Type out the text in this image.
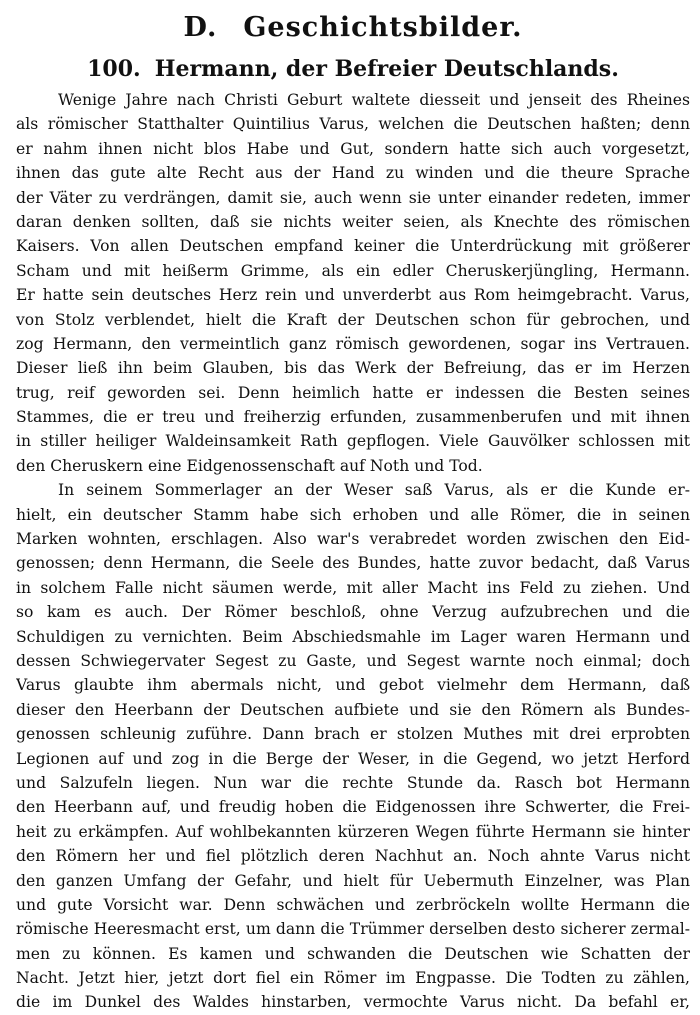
D. Geschichtsbilder.
100. Hermann, der Befreier Deutschlands.
Wenige Jahre nach Christi Geburt waltete diesseit und jenseit des Rheines
als römischer Statthalter Quintilius Varus, welchen die Deutschen haßten; denn
er nahm ihnen nicht blos Habe und Gut, sondern hatte sich auch vorgesetzt,
ihnen das gute alte Recht aus der Hand zu winden und die theure Sprache
der Väter zu verdrängen, damit sie, auch wenn sie unter einander redeten, immer
daran denken sollten, daß sie nichts weiter seien, als Knechte des römischen
Kaisers. Von allen Deutschen empfand keiner die Unterdrückung mit größerer
Scham und mit heißerm Grimme, als ein edler Cheruskerjüngling, Hermann.
Er hatte sein deutsches Herz rein und unverderbt aus Rom heimgebracht. Varus,
von Stolz verblendet, hielt die Kraft der Deutschen schon für gebrochen, und
zog Hermann, den vermeintlich ganz römisch gewordenen, sogar ins Vertrauen.
Dieser ließ ihn beim Glauben, bis das Werk der Befreiung, das er im Herzen
trug, reif geworden sei. Denn heimlich hatte er indessen die Besten seines
Stammes, die er treu und freiherzig erfunden, zusammenberufen und mit ihnen
in stiller heiliger Waldeinsamkeit Rath gepflogen. Viele Gauvölker schlossen mit
den Cheruskern eine Eidgenossenschaft auf Noth und Tod.
In seinem Sommerlager an der Weser saß Varus, als er die Kunde er-
hielt, ein deutscher Stamm habe sich erhoben und alle Römer, die in seinen
Marken wohnten, erschlagen. Also war's verabredet worden zwischen den Eid-
genossen; denn Hermann, die Seele des Bundes, hatte zuvor bedacht, daß Varus
in solchem Falle nicht säumen werde, mit aller Macht ins Feld zu ziehen. Und
so kam es auch. Der Römer beschloß, ohne Verzug aufzubrechen und die
Schuldigen zu vernichten. Beim Abschiedsmahle im Lager waren Hermann und
dessen Schwiegervater Segest zu Gaste, und Segest warnte noch einmal; doch
Varus glaubte ihm abermals nicht, und gebot vielmehr dem Hermann, daß
dieser den Heerbann der Deutschen aufbiete und sie den Römern als Bundes-
genossen schleunig zuführe. Dann brach er stolzen Muthes mit drei erprobten
Legionen auf und zog in die Berge der Weser, in die Gegend, wo jetzt Herford
und Salzufeln liegen. Nun war die rechte Stunde da. Rasch bot Hermann
den Heerbann auf, und freudig hoben die Eidgenossen ihre Schwerter, die Frei-
heit zu erkämpfen. Auf wohlbekannten kürzeren Wegen führte Hermann sie hinter
den Römern her und fiel plötzlich deren Nachhut an. Noch ahnte Varus nicht
den ganzen Umfang der Gefahr, und hielt für Uebermuth Einzelner, was Plan
und gute Vorsicht war. Denn schwächen und zerbröckeln wollte Hermann die
römische Heeresmacht erst, um dann die Trümmer derselben desto sicherer zermal-
men zu können. Es kamen und schwanden die Deutschen wie Schatten der
Nacht. Jetzt hier, jetzt dort fiel ein Römer im Engpasse. Die Todten zu zählen,
die im Dunkel des Waldes hinstarben, vermochte Varus nicht. Da befahl er,
